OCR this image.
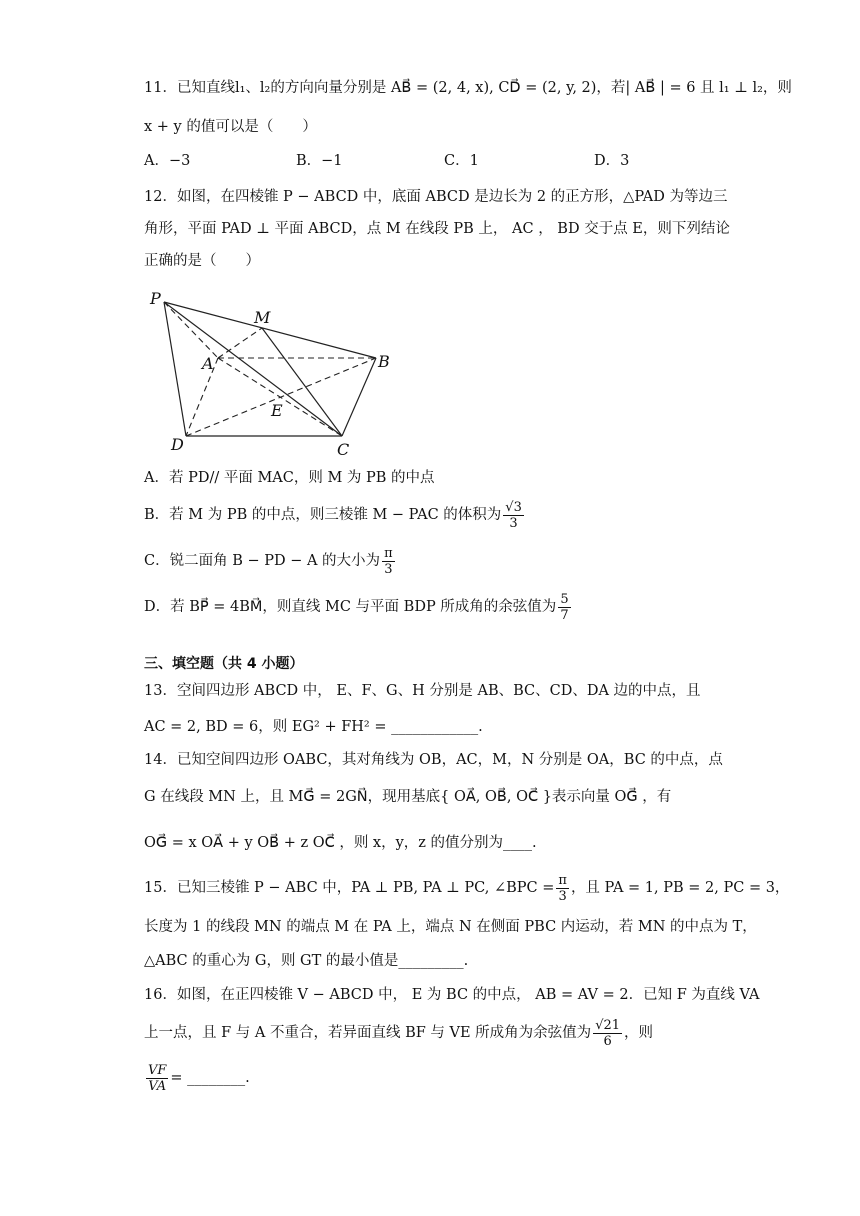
11．已知直线l₁、l₂的方向向量分别是 AB⃗ = (2, 4, x), CD⃗ = (2, y, 2)，若| AB⃗ | = 6 且 l₁ ⊥ l₂，则
x + y 的值可以是（　　）
A．−3	B．−1	C．1	D．3
12．如图，在四棱锥 P − ABCD 中，底面 ABCD 是边长为 2 的正方形，△PAD 为等边三
角形，平面 PAD ⊥ 平面 ABCD，点 M 在线段 PB 上， AC ， BD 交于点 E，则下列结论
正确的是（　　）
P
M
A	B
E
D	C
A．若 PD// 平面 MAC，则 M 为 PB 的中点
B．若 M 为 PB 的中点，则三棱锥 M − PAC 的体积为 $\frac{√3}{3}$
C．锐二面角 B − PD − A 的大小为 $\frac{\pi}{3}$
D．若 BP⃗ = 4BM⃗，则直线 MC 与平面 BDP 所成角的余弦值为 $\frac{5}{7}$
三、填空题（共 4 小题）
13．空间四边形 ABCD 中， E、F、G、H 分别是 AB、BC、CD、DA 边的中点，且
AC = 2, BD = 6，则 EG² + FH² = ____________.
14．已知空间四边形 OABC，其对角线为 OB，AC，M，N 分别是 OA，BC 的中点，点
G 在线段 MN 上，且 MG⃗ = 2GN⃗，现用基底{ OA⃗, OB⃗, OC⃗ }表示向量 OG⃗ ，有
OG⃗ = x OA⃗ + y OB⃗ + z OC⃗ ，则 x，y，z 的值分别为____.
15．已知三棱锥 P − ABC 中，PA ⊥ PB, PA ⊥ PC, ∠BPC = $\frac{\pi}{3}$ ，且 PA = 1, PB = 2, PC = 3，
长度为 1 的线段 MN 的端点 M 在 PA 上，端点 N 在侧面 PBC 内运动，若 MN 的中点为 T，
△ABC 的重心为 G，则 GT 的最小值是_________.
16．如图，在正四棱锥 V − ABCD 中， E 为 BC 的中点， AB = AV = 2．已知 F 为直线 VA
上一点，且 F 与 A 不重合，若异面直线 BF 与 VE 所成角为余弦值为 $\frac{√21}{6}$ ，则
$\frac{VF}{VA}$ = ________.
